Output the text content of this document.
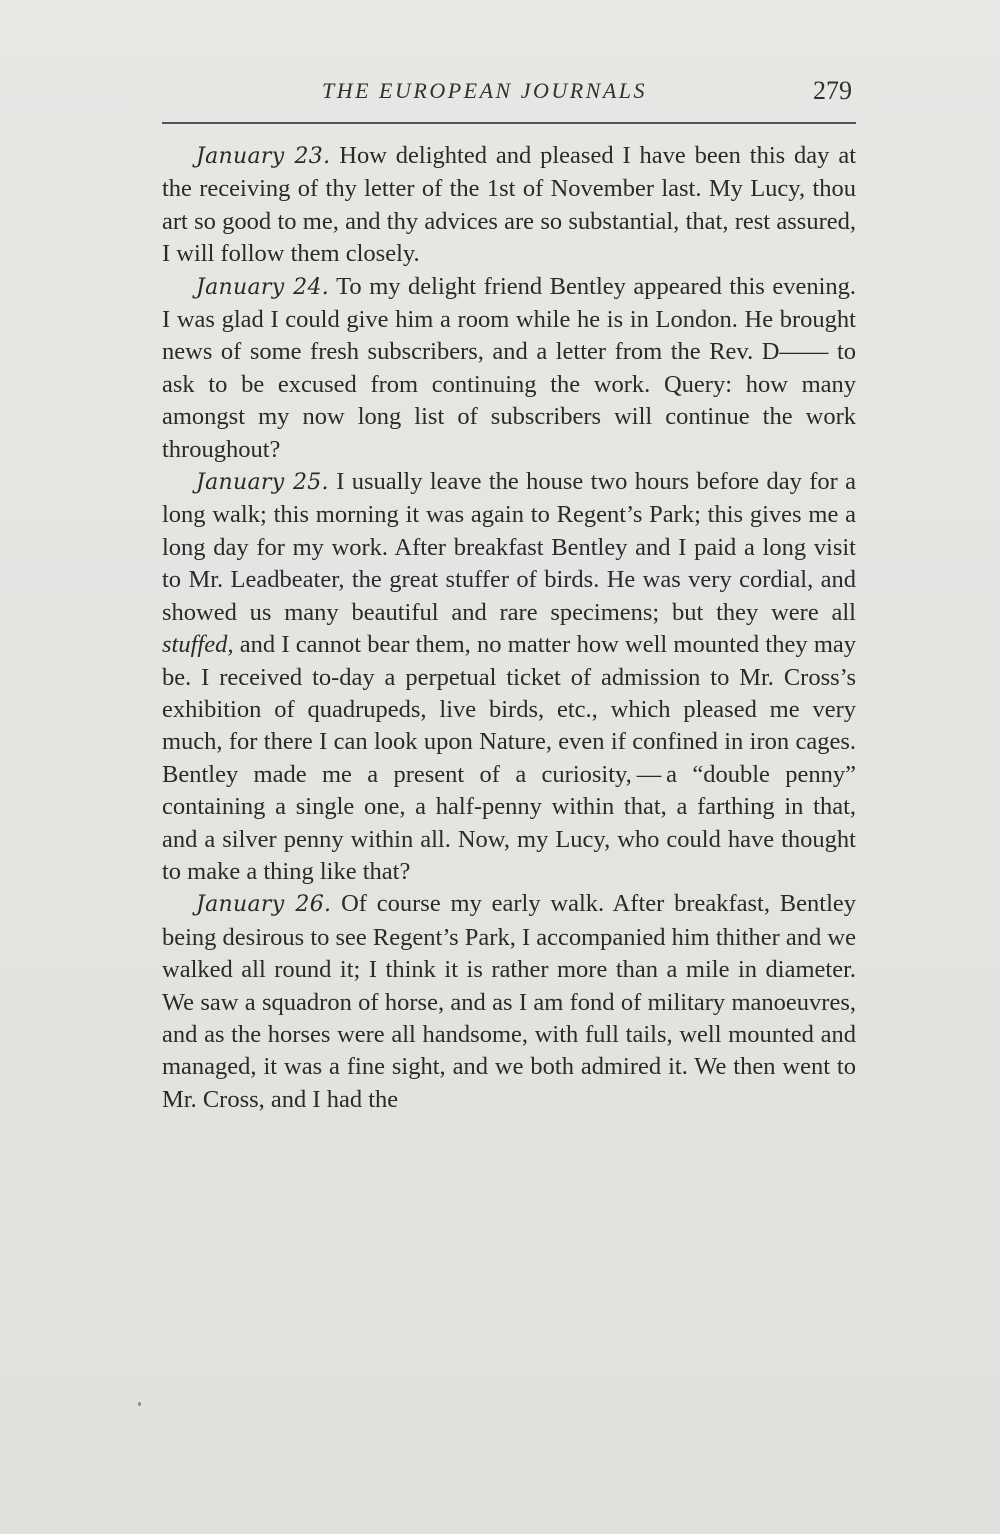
THE EUROPEAN JOURNALS	279

January 23. How delighted and pleased I have been this day at the receiving of thy letter of the 1st of November last. My Lucy, thou art so good to me, and thy advices are so substantial, that, rest assured, I will follow them closely.

January 24. To my delight friend Bentley appeared this evening. I was glad I could give him a room while he is in London. He brought news of some fresh subscribers, and a letter from the Rev. D—— to ask to be excused from continuing the work. Query: how many amongst my now long list of subscribers will continue the work throughout?

January 25. I usually leave the house two hours before day for a long walk; this morning it was again to Regent’s Park; this gives me a long day for my work. After breakfast Bentley and I paid a long visit to Mr. Leadbeater, the great stuffer of birds. He was very cordial, and showed us many beautiful and rare specimens; but they were all stuffed, and I cannot bear them, no matter how well mounted they may be. I received to-day a perpetual ticket of admission to Mr. Cross’s exhibition of quadrupeds, live birds, etc., which pleased me very much, for there I can look upon Nature, even if confined in iron cages. Bentley made me a present of a curiosity, — a “double penny” containing a single one, a half-penny within that, a farthing in that, and a silver penny within all. Now, my Lucy, who could have thought to make a thing like that?

January 26. Of course my early walk. After breakfast, Bentley being desirous to see Regent’s Park, I accompanied him thither and we walked all round it; I think it is rather more than a mile in diameter. We saw a squadron of horse, and as I am fond of military manoeuvres, and as the horses were all handsome, with full tails, well mounted and managed, it was a fine sight, and we both admired it. We then went to Mr. Cross, and I had the
